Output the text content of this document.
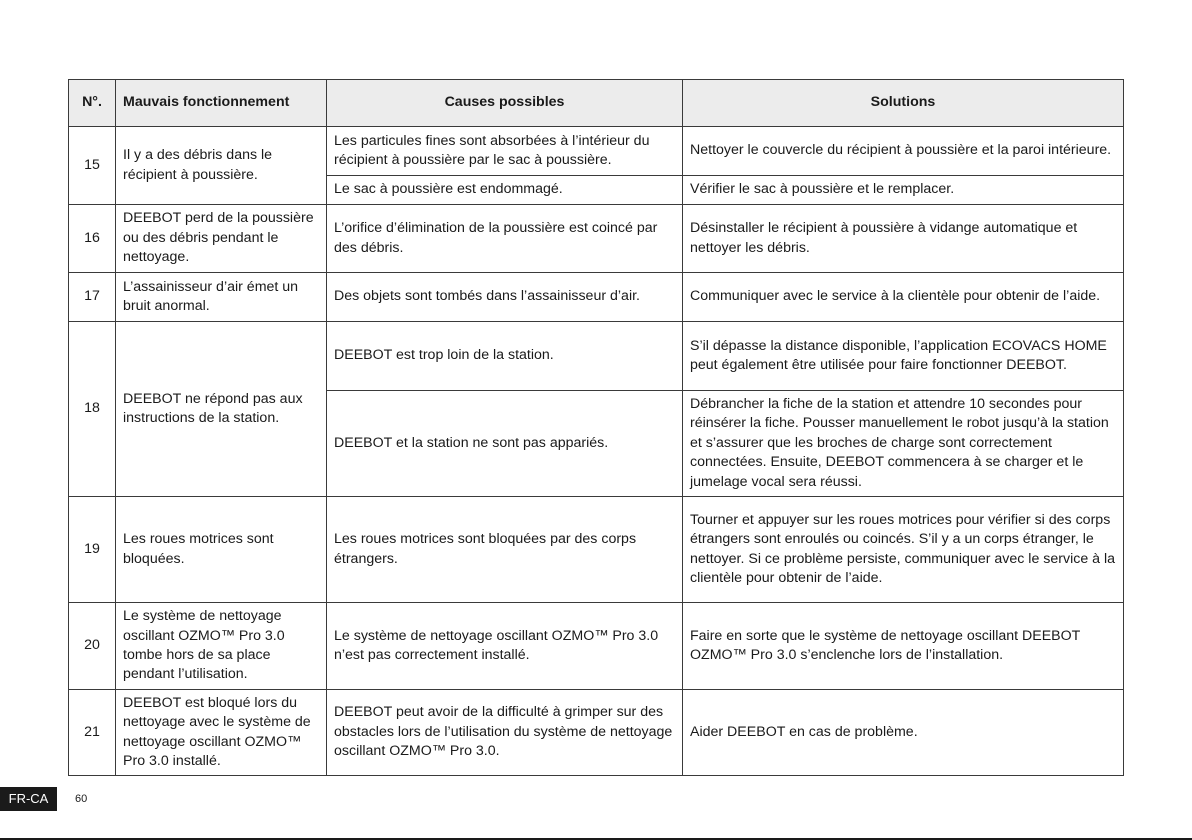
N°.	Mauvais fonctionnement	Causes possibles	Solutions
15	Il y a des débris dans le récipient à poussière.	Les particules fines sont absorbées à l’intérieur du récipient à poussière par le sac à poussière.	Nettoyer le couvercle du récipient à poussière et la paroi intérieure.
		Le sac à poussière est endommagé.	Vérifier le sac à poussière et le remplacer.
16	DEEBOT perd de la poussière ou des débris pendant le nettoyage.	L’orifice d’élimination de la poussière est coincé par des débris.	Désinstaller le récipient à poussière à vidange automatique et nettoyer les débris.
17	L’assainisseur d’air émet un bruit anormal.	Des objets sont tombés dans l’assainisseur d’air.	Communiquer avec le service à la clientèle pour obtenir de l’aide.
18	DEEBOT ne répond pas aux instructions de la station.	DEEBOT est trop loin de la station.	S’il dépasse la distance disponible, l’application ECOVACS HOME peut également être utilisée pour faire fonctionner DEEBOT.
		DEEBOT et la station ne sont pas appariés.	Débrancher la fiche de la station et attendre 10 secondes pour réinsérer la fiche. Pousser manuellement le robot jusqu’à la station et s’assurer que les broches de charge sont correctement connectées. Ensuite, DEEBOT commencera à se charger et le jumelage vocal sera réussi.
19	Les roues motrices sont bloquées.	Les roues motrices sont bloquées par des corps étrangers.	Tourner et appuyer sur les roues motrices pour vérifier si des corps étrangers sont enroulés ou coincés. S’il y a un corps étranger, le nettoyer. Si ce problème persiste, communiquer avec le service à la clientèle pour obtenir de l’aide.
20	Le système de nettoyage oscillant OZMO™ Pro 3.0 tombe hors de sa place pendant l’utilisation.	Le système de nettoyage oscillant OZMO™ Pro 3.0 n’est pas correctement installé.	Faire en sorte que le système de nettoyage oscillant DEEBOT OZMO™ Pro 3.0 s’enclenche lors de l’installation.
21	DEEBOT est bloqué lors du nettoyage avec le système de nettoyage oscillant OZMO™ Pro 3.0 installé.	DEEBOT peut avoir de la difficulté à grimper sur des obstacles lors de l’utilisation du système de nettoyage oscillant OZMO™ Pro 3.0.	Aider DEEBOT en cas de problème.
FR-CA	60
